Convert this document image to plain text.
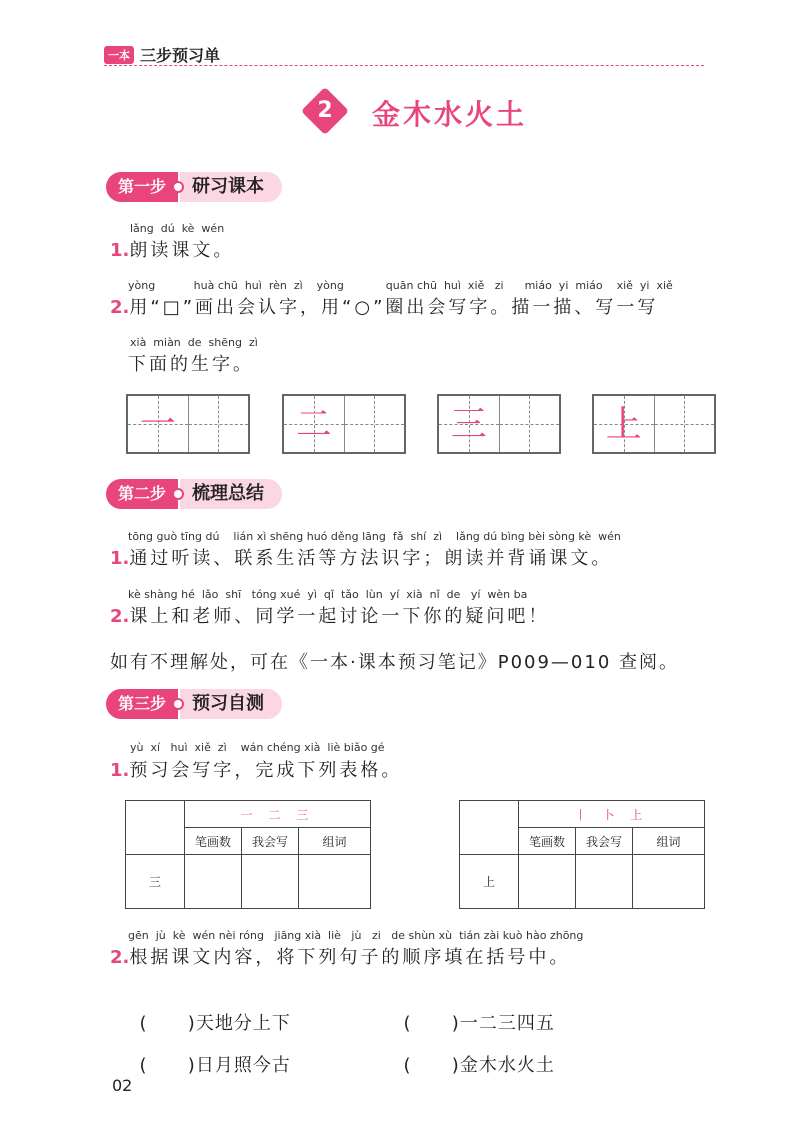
一本 三步预习单
2	金木水火土
第一步	研习课本
lǎng  dú  kè  wén
1.朗读课文。
yòng           huà chū  huì  rèn  zì    yòng            quān chū  huì  xiě   zi      miáo  yi  miáo    xiě  yi  xiě
2.用“□”画出会认字，用“○”圈出会写字。描一描、写一写
xià  miàn  de  shēng  zì
下面的生字。
一	二	三	上
第二步	梳理总结
tōng guò tīng dú    lián xì shēng huó děng lāng  fǎ  shí  zì    lǎng dú bìng bèi sòng kè  wén
1.通过听读、联系生活等方法识字；朗读并背诵课文。
kè shàng hé  lǎo  shī   tóng xué  yì  qǐ  tǎo  lùn  yí  xià  nǐ  de   yí  wèn ba
2.课上和老师、同学一起讨论一下你的疑问吧！
如有不理解处，可在《一本·课本预习笔记》P009—010 查阅。
第三步	预习自测
yù  xí   huì  xiě  zì    wán chéng xià  liè biǎo gé
1.预习会写字，完成下列表格。
	一 二 三		
	笔画数	我会写	组词
三			
	丨 卜 上		
	笔画数	我会写	组词
上			
gēn  jù  kè  wén nèi róng   jiāng xià  liè   jù   zi   de shùn xù  tián zài kuò hào zhōng
2.根据课文内容，将下列句子的顺序填在括号中。

(      )天地分上下	(      )一二三四五

(      )日月照今古	(      )金木水火土

02
